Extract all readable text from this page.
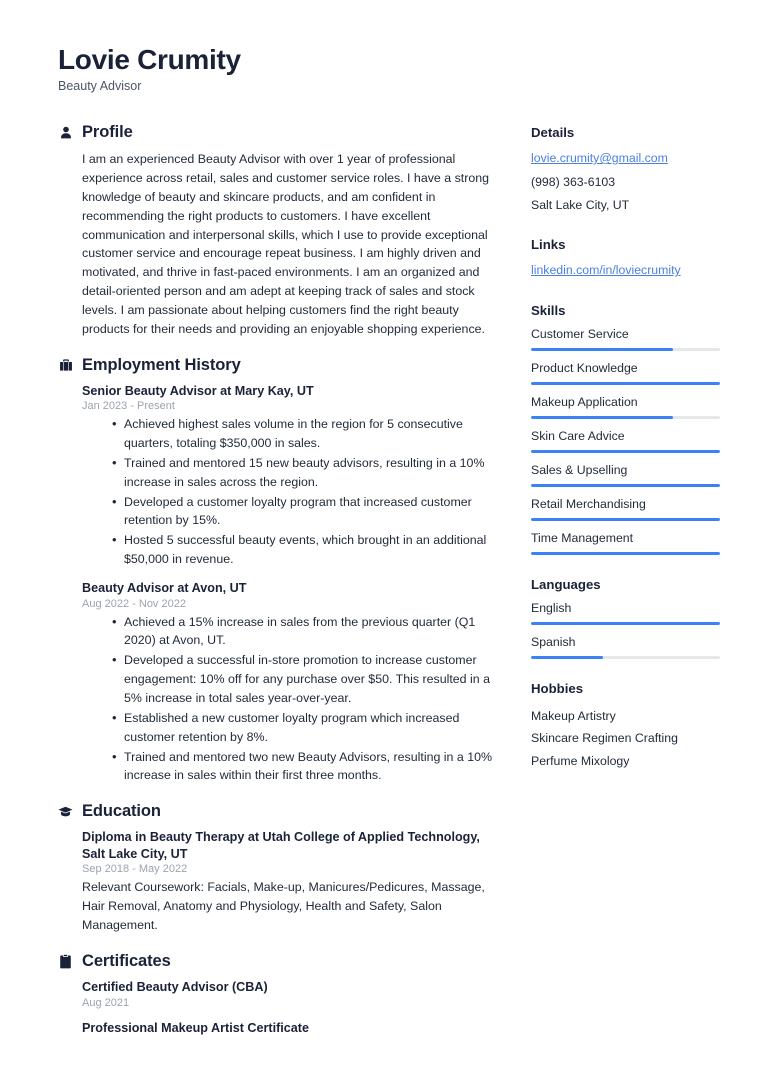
Lovie Crumity
Beauty Advisor
Profile

I am an experienced Beauty Advisor with over 1 year of professional experience across retail, sales and customer service roles. I have a strong knowledge of beauty and skincare products, and am confident in recommending the right products to customers. I have excellent communication and interpersonal skills, which I use to provide exceptional customer service and encourage repeat business. I am highly driven and motivated, and thrive in fast-paced environments. I am an organized and detail-oriented person and am adept at keeping track of sales and stock levels. I am passionate about helping customers find the right beauty products for their needs and providing an enjoyable shopping experience.

Employment History
Senior Beauty Advisor at Mary Kay, UT
Jan 2023 - Present
• Achieved highest sales volume in the region for 5 consecutive quarters, totaling $350,000 in sales.
• Trained and mentored 15 new beauty advisors, resulting in a 10% increase in sales across the region.
• Developed a customer loyalty program that increased customer retention by 15%.
• Hosted 5 successful beauty events, which brought in an additional $50,000 in revenue.
Beauty Advisor at Avon, UT
Aug 2022 - Nov 2022
• Achieved a 15% increase in sales from the previous quarter (Q1 2020) at Avon, UT.
• Developed a successful in-store promotion to increase customer engagement: 10% off for any purchase over $50. This resulted in a 5% increase in total sales year-over-year.
• Established a new customer loyalty program which increased customer retention by 8%.
• Trained and mentored two new Beauty Advisors, resulting in a 10% increase in sales within their first three months.
Education
Diploma in Beauty Therapy at Utah College of Applied Technology, Salt Lake City, UT
Sep 2018 - May 2022
Relevant Coursework: Facials, Make-up, Manicures/Pedicures, Massage, Hair Removal, Anatomy and Physiology, Health and Safety, Salon Management.
Certificates
Certified Beauty Advisor (CBA)
Aug 2021
Professional Makeup Artist Certificate
Details
lovie.crumity@gmail.com
(998) 363-6103
Salt Lake City, UT
Links
linkedin.com/in/loviecrumity
Skills
Customer Service
Product Knowledge
Makeup Application
Skin Care Advice
Sales & Upselling
Retail Merchandising
Time Management
Languages
English
Spanish
Hobbies
Makeup Artistry
Skincare Regimen Crafting
Perfume Mixology
